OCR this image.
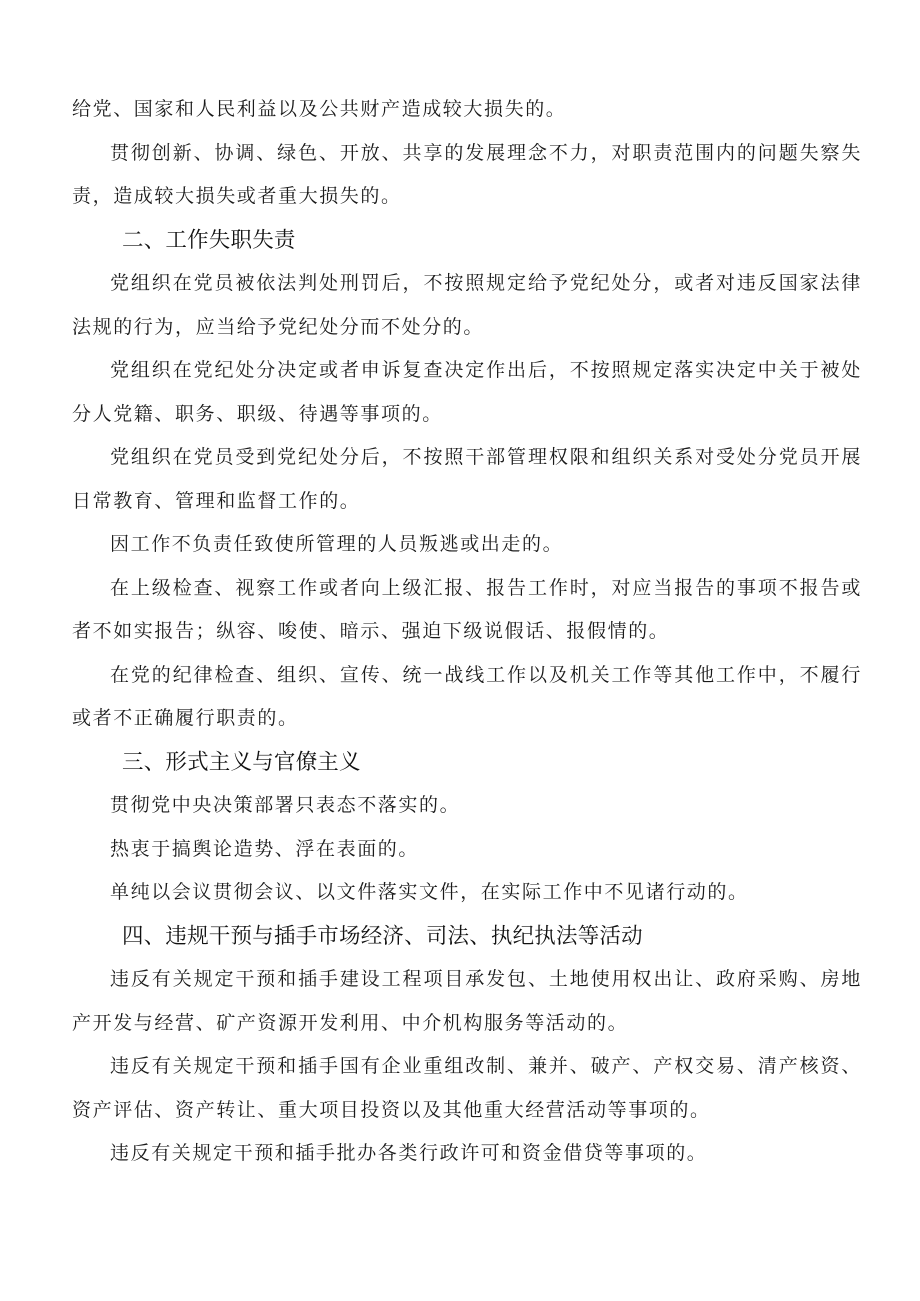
给党、国家和人民利益以及公共财产造成较大损失的。

贯彻创新、协调、绿色、开放、共享的发展理念不力，对职责范围内的问题失察失责，造成较大损失或者重大损失的。

二、工作失职失责

党组织在党员被依法判处刑罚后，不按照规定给予党纪处分，或者对违反国家法律法规的行为，应当给予党纪处分而不处分的。

党组织在党纪处分决定或者申诉复查决定作出后，不按照规定落实决定中关于被处分人党籍、职务、职级、待遇等事项的。

党组织在党员受到党纪处分后，不按照干部管理权限和组织关系对受处分党员开展日常教育、管理和监督工作的。

因工作不负责任致使所管理的人员叛逃或出走的。

在上级检查、视察工作或者向上级汇报、报告工作时，对应当报告的事项不报告或者不如实报告；纵容、唆使、暗示、强迫下级说假话、报假情的。

在党的纪律检查、组织、宣传、统一战线工作以及机关工作等其他工作中，不履行或者不正确履行职责的。

三、形式主义与官僚主义

贯彻党中央决策部署只表态不落实的。

热衷于搞舆论造势、浮在表面的。

单纯以会议贯彻会议、以文件落实文件，在实际工作中不见诸行动的。

四、违规干预与插手市场经济、司法、执纪执法等活动

违反有关规定干预和插手建设工程项目承发包、土地使用权出让、政府采购、房地产开发与经营、矿产资源开发利用、中介机构服务等活动的。

违反有关规定干预和插手国有企业重组改制、兼并、破产、产权交易、清产核资、资产评估、资产转让、重大项目投资以及其他重大经营活动等事项的。

违反有关规定干预和插手批办各类行政许可和资金借贷等事项的。
